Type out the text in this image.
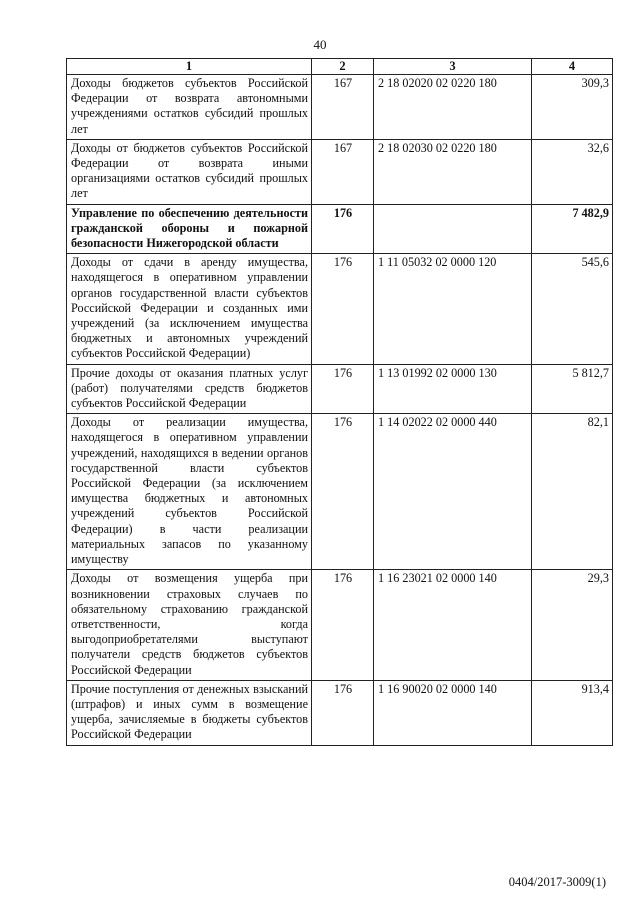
40
1	2	3	4
Доходы бюджетов субъектов Российской Федерации от возврата автономными учреждениями остатков субсидий прошлых лет	167	2 18 02020 02 0220 180	309,3
Доходы от бюджетов субъектов Российской Федерации от возврата иными организациями остатков субсидий прошлых лет	167	2 18 02030 02 0220 180	32,6
Управление по обеспечению деятельности гражданской обороны и пожарной безопасности Нижегородской области	176		7 482,9
Доходы от сдачи в аренду имущества, находящегося в оперативном управлении органов государственной власти субъектов Российской Федерации и созданных ими учреждений (за исключением имущества бюджетных и автономных учреждений субъектов Российской Федерации)	176	1 11 05032 02 0000 120	545,6
Прочие доходы от оказания платных услуг (работ) получателями средств бюджетов субъектов Российской Федерации	176	1 13 01992 02 0000 130	5 812,7
Доходы от реализации имущества, находящегося в оперативном управлении учреждений, находящихся в ведении органов государственной власти субъектов Российской Федерации (за исключением имущества бюджетных и автономных учреждений субъектов Российской Федерации) в части реализации материальных запасов по указанному имуществу	176	1 14 02022 02 0000 440	82,1
Доходы от возмещения ущерба при возникновении страховых случаев по обязательному страхованию гражданской ответственности, когда выгодоприобретателями выступают получатели средств бюджетов субъектов Российской Федерации	176	1 16 23021 02 0000 140	29,3
Прочие поступления от денежных взысканий (штрафов) и иных сумм в возмещение ущерба, зачисляемые в бюджеты субъектов Российской Федерации	176	1 16 90020 02 0000 140	913,4
0404/2017-3009(1)
